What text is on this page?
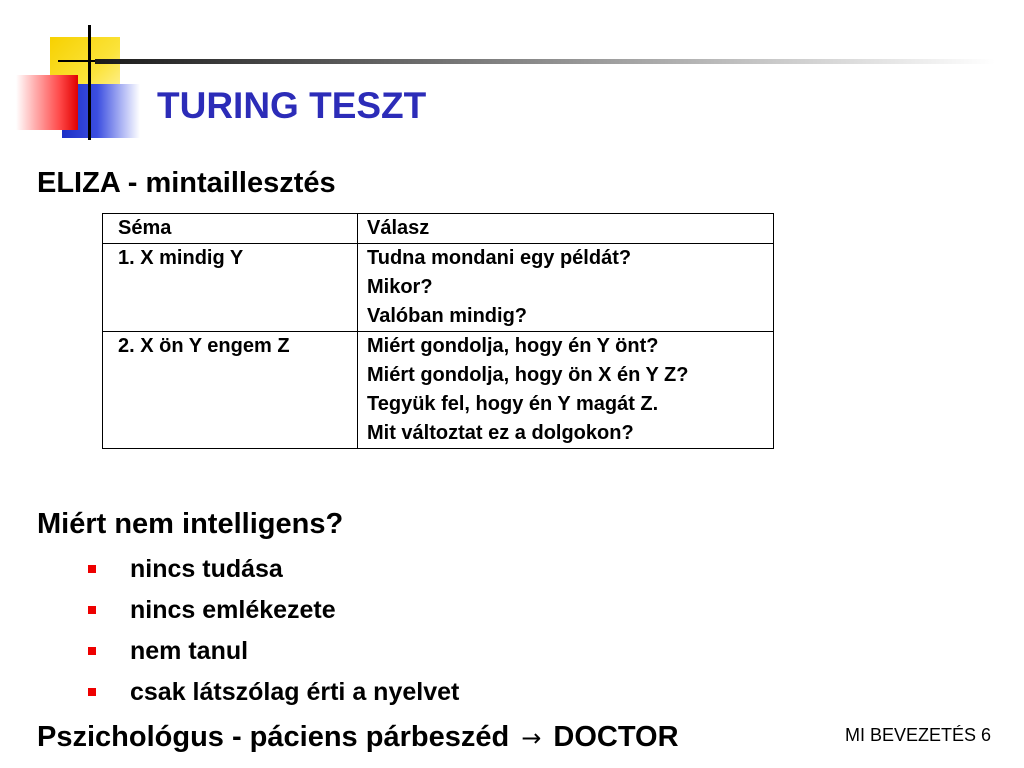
TURING TESZT
ELIZA - mintaillesztés
Séma	Válasz
1. X mindig Y	Tudna mondani egy példát?
Mikor?
Valóban mindig?

2. X ön Y engem Z	Miért gondolja, hogy én Y önt?
Miért gondolja, hogy ön X én Y Z?
Tegyük fel, hogy én Y magát Z.
Mit változtat ez a dolgokon?
Miért nem intelligens?
nincs tudása
nincs emlékezete
nem tanul
csak látszólag érti a nyelvet
Pszichológus - páciens párbeszéd → DOCTOR	MI BEVEZETÉS 6
